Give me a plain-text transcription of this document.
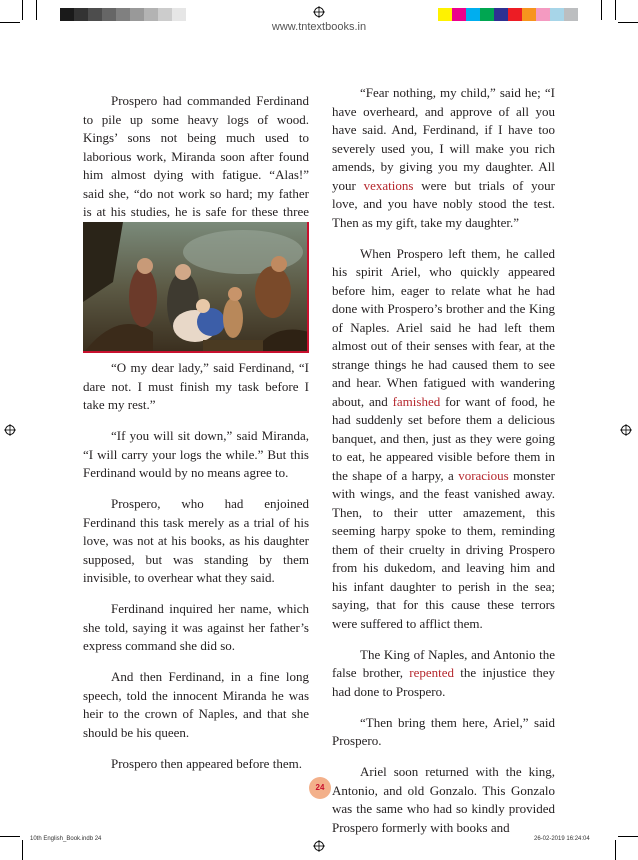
www.tntextbooks.in

Prospero had commanded Ferdinand to pile up some heavy logs of wood. Kings’ sons not being much used to laborious work, Miranda soon after found him almost dying with fatigue. “Alas!” said she, “do not work so hard; my father is at his studies, he is safe for these three

“O my dear lady,” said Ferdinand, “I dare not. I must finish my task before I take my rest.”

“If you will sit down,” said Miranda, “I will carry your logs the while.” But this Ferdinand would by no means agree to.

Prospero, who had enjoined Ferdinand this task merely as a trial of his love, was not at his books, as his daughter supposed, but was standing by them invisible, to overhear what they said.

Ferdinand inquired her name, which she told, saying it was against her father’s express command she did so.

And then Ferdinand, in a fine long speech, told the innocent Miranda he was heir to the crown of Naples, and that she should be his queen.

Prospero then appeared before them.

“Fear nothing, my child,” said he; “I have overheard, and approve of all you have said. And, Ferdinand, if I have too severely used you, I will make you rich amends, by giving you my daughter. All your vexations were but trials of your love, and you have nobly stood the test. Then as my gift, take my daughter.”

When Prospero left them, he called his spirit Ariel, who quickly appeared before him, eager to relate what he had done with Prospero’s brother and the King of Naples. Ariel said he had left them almost out of their senses with fear, at the strange things he had caused them to see and hear. When fatigued with wandering about, and famished for want of food, he had suddenly set before them a delicious banquet, and then, just as they were going to eat, he appeared visible before them in the shape of a harpy, a voracious monster with wings, and the feast vanished away. Then, to their utter amazement, this seeming harpy spoke to them, reminding them of their cruelty in driving Prospero from his dukedom, and leaving him and his infant daughter to perish in the sea; saying, that for this cause these terrors were suffered to afflict them.

The King of Naples, and Antonio the false brother, repented the injustice they had done to Prospero.

“Then bring them here, Ariel,” said Prospero.

Ariel soon returned with the king, Antonio, and old Gonzalo. This Gonzalo was the same who had so kindly provided Prospero formerly with books and

24
10th English_Book.indb 24	26-02-2019 16:24:04
